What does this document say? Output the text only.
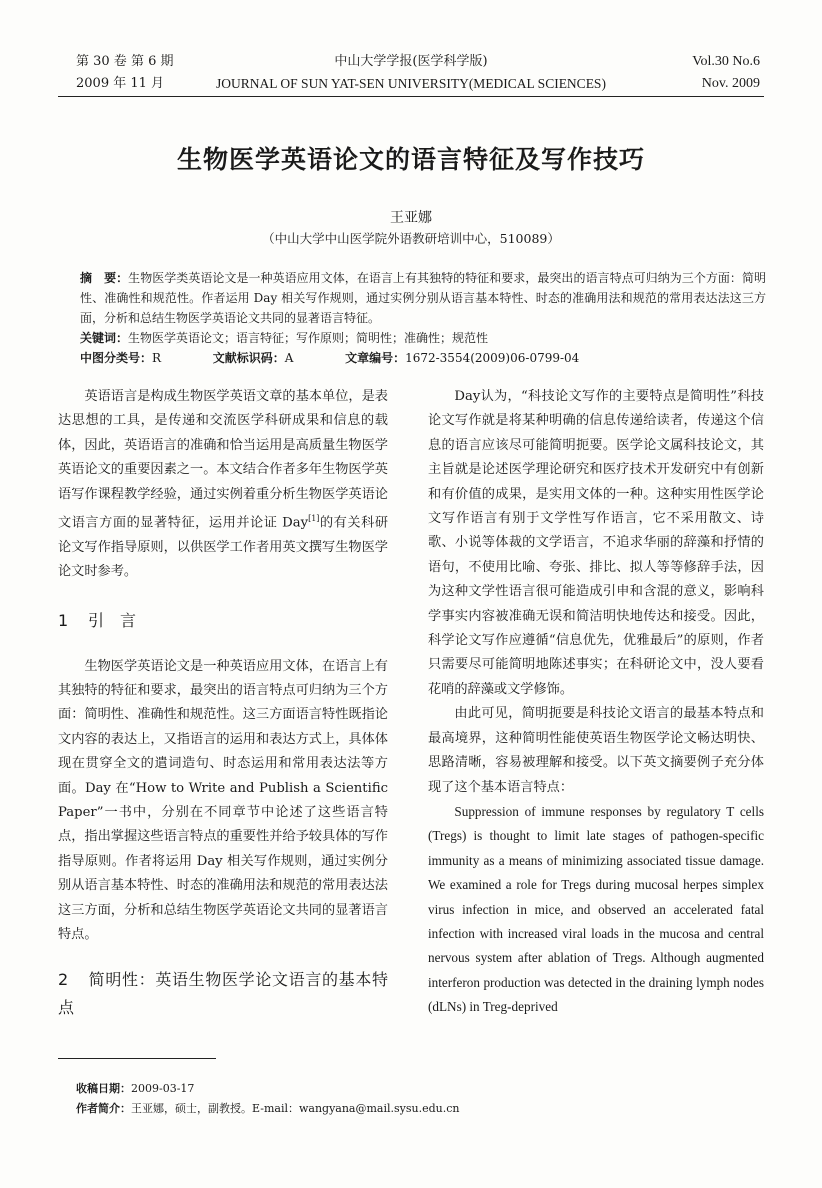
第 30 卷 第 6 期
2009 年 11 月
中山大学学报(医学科学版)
JOURNAL OF SUN YAT-SEN UNIVERSITY(MEDICAL SCIENCES)
Vol.30 No.6
Nov. 2009
生物医学英语论文的语言特征及写作技巧
王亚娜
（中山大学中山医学院外语教研培训中心，510089）
摘　要：生物医学类英语论文是一种英语应用文体，在语言上有其独特的特征和要求，最突出的语言特点可归纳为三个方面：简明性、准确性和规范性。作者运用 Day 相关写作规则，通过实例分别从语言基本特性、时态的准确用法和规范的常用表达法这三方面，分析和总结生物医学英语论文共同的显著语言特征。
关键词：生物医学英语论文；语言特征；写作原则；简明性；准确性；规范性
中图分类号：R	文献标识码：A	文章编号：1672-3554(2009)06-0799-04

英语语言是构成生物医学英语文章的基本单位，是表达思想的工具，是传递和交流医学科研成果和信息的载体，因此，英语语言的准确和恰当运用是高质量生物医学英语论文的重要因素之一。本文结合作者多年生物医学英语写作课程教学经验，通过实例着重分析生物医学英语论文语言方面的显著特征，运用并论证 Day[1]的有关科研论文写作指导原则，以供医学工作者用英文撰写生物医学论文时参考。

1 引　言

生物医学英语论文是一种英语应用文体，在语言上有其独特的特征和要求，最突出的语言特点可归纳为三个方面：简明性、准确性和规范性。这三方面语言特性既指论文内容的表达上，又指语言的运用和表达方式上，具体体现在贯穿全文的遣词造句、时态运用和常用表达法等方面。Day 在“How to Write and Publish a Scientific Paper”一书中，分别在不同章节中论述了这些语言特点，指出掌握这些语言特点的重要性并给予较具体的写作指导原则。作者将运用 Day 相关写作规则，通过实例分别从语言基本特性、时态的准确用法和规范的常用表达法这三方面，分析和总结生物医学英语论文共同的显著语言特点。

2 简明性：英语生物医学论文语言的基本特点

Day认为，“科技论文写作的主要特点是简明性”科技论文写作就是将某种明确的信息传递给读者，传递这个信息的语言应该尽可能简明扼要。医学论文属科技论文，其主旨就是论述医学理论研究和医疗技术开发研究中有创新和有价值的成果，是实用文体的一种。这种实用性医学论文写作语言有别于文学性写作语言，它不采用散文、诗歌、小说等体裁的文学语言，不追求华丽的辞藻和抒情的语句，不使用比喻、夸张、排比、拟人等等修辞手法，因为这种文学性语言很可能造成引申和含混的意义，影响科学事实内容被准确无误和简洁明快地传达和接受。因此，科学论文写作应遵循“信息优先，优雅最后”的原则，作者只需要尽可能简明地陈述事实；在科研论文中，没人要看花哨的辞藻或文学修饰。

由此可见，简明扼要是科技论文语言的最基本特点和最高境界，这种简明性能使英语生物医学论文畅达明快、思路清晰，容易被理解和接受。以下英文摘要例子充分体现了这个基本语言特点：

Suppression of immune responses by regulatory T cells (Tregs) is thought to limit late stages of pathogen-specific immunity as a means of minimizing associated tissue damage. We examined a role for Tregs during mucosal herpes simplex virus infection in mice, and observed an accelerated fatal infection with increased viral loads in the mucosa and central nervous system after ablation of Tregs. Although augmented interferon production was detected in the draining lymph nodes (dLNs) in Treg-deprived

收稿日期：2009-03-17
作者简介：王亚娜，硕士，副教授。E-mail：wangyana@mail.sysu.edu.cn
